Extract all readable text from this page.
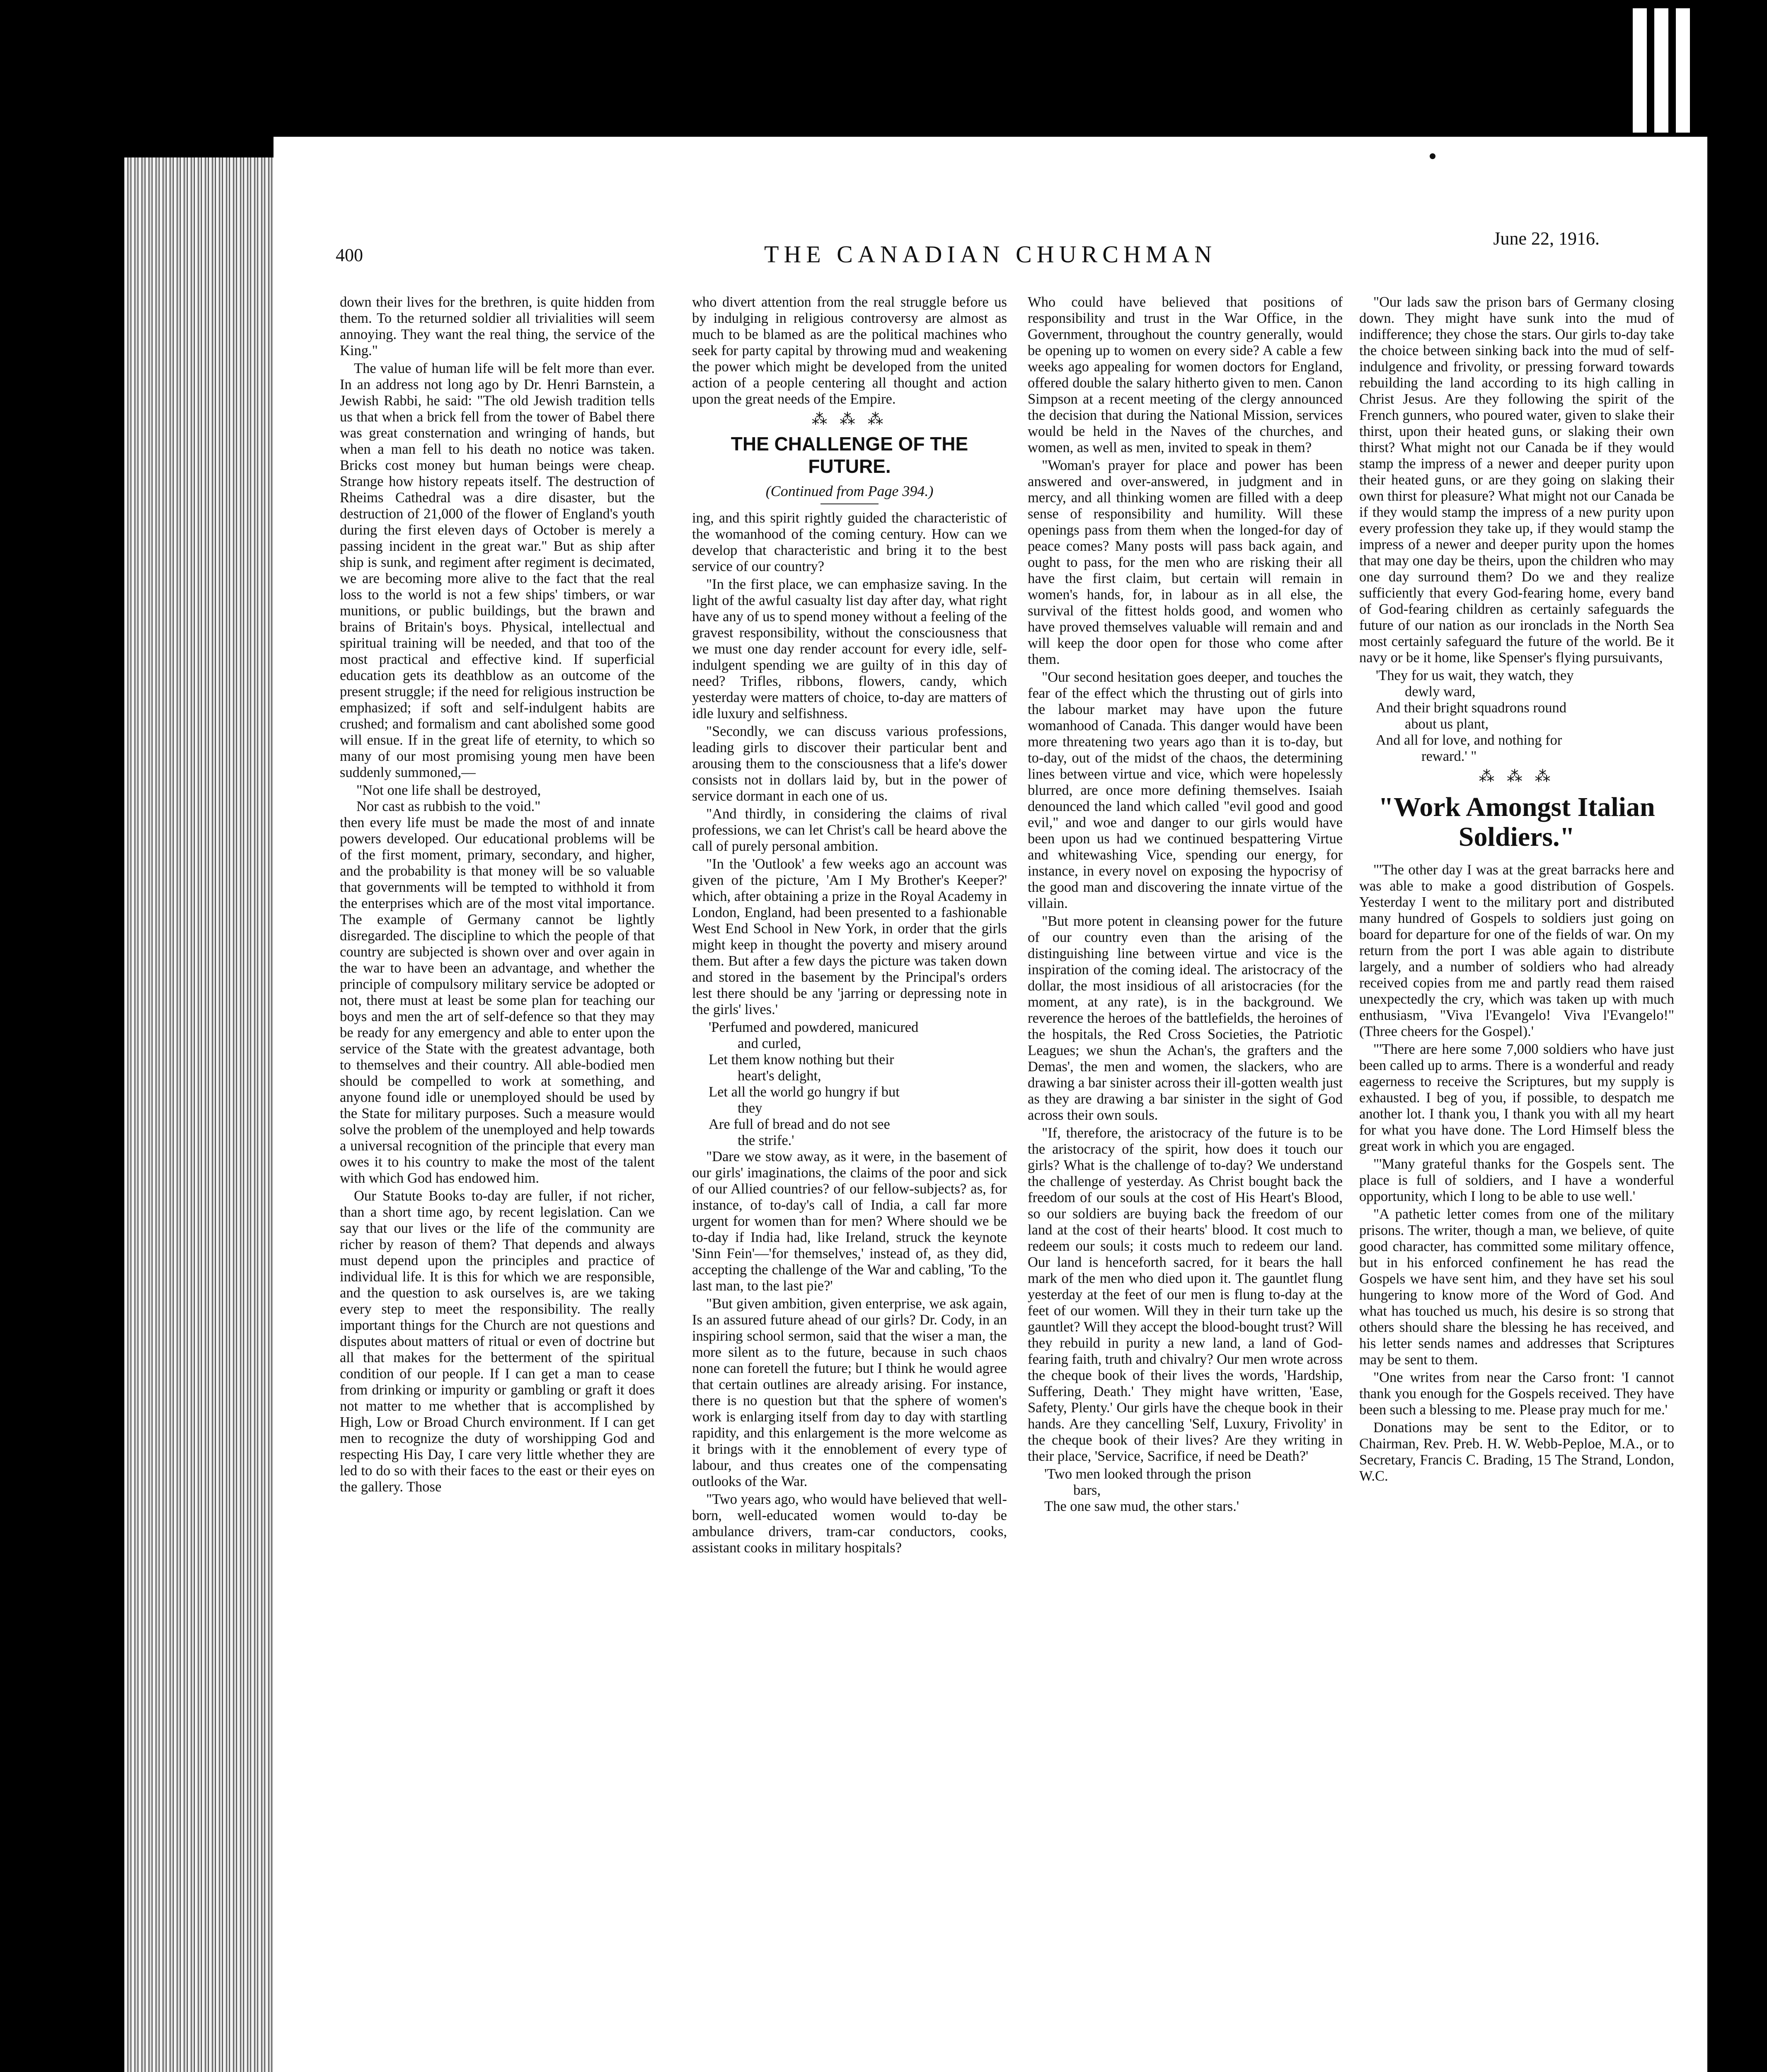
400	THE CANADIAN CHURCHMAN
June 22, 1916.

down their lives for the brethren, is quite hidden from them. To the returned soldier all trivialities will seem annoying. They want the real thing, the service of the King."

The value of human life will be felt more than ever. In an address not long ago by Dr. Henri Barnstein, a Jewish Rabbi, he said: "The old Jewish tradition tells us that when a brick fell from the tower of Babel there was great consternation and wringing of hands, but when a man fell to his death no notice was taken. Bricks cost money but human beings were cheap. Strange how history repeats itself. The destruction of Rheims Cathedral was a dire disaster, but the destruction of 21,000 of the flower of England's youth during the first eleven days of October is merely a passing incident in the great war." But as ship after ship is sunk, and regiment after regiment is decimated, we are becoming more alive to the fact that the real loss to the world is not a few ships' timbers, or war munitions, or public buildings, but the brawn and brains of Britain's boys. Physical, intellectual and spiritual training will be needed, and that too of the most practical and effective kind. If superficial education gets its deathblow as an outcome of the present struggle; if the need for religious instruction be emphasized; if soft and self-indulgent habits are crushed; and formalism and cant abolished some good will ensue. If in the great life of eternity, to which so many of our most promising young men have been suddenly summoned,—

"Not one life shall be destroyed,

Nor cast as rubbish to the void."

then every life must be made the most of and innate powers developed. Our educational problems will be of the first moment, primary, secondary, and higher, and the probability is that money will be so valuable that governments will be tempted to withhold it from the enterprises which are of the most vital importance. The example of Germany cannot be lightly disregarded. The discipline to which the people of that country are subjected is shown over and over again in the war to have been an advantage, and whether the principle of compulsory military service be adopted or not, there must at least be some plan for teaching our boys and men the art of self-defence so that they may be ready for any emergency and able to enter upon the service of the State with the greatest advantage, both to themselves and their country. All able-bodied men should be compelled to work at something, and anyone found idle or unemployed should be used by the State for military purposes. Such a measure would solve the problem of the unemployed and help towards a universal recognition of the principle that every man owes it to his country to make the most of the talent with which God has endowed him.

Our Statute Books to-day are fuller, if not richer, than a short time ago, by recent legislation. Can we say that our lives or the life of the community are richer by reason of them? That depends and always must depend upon the principles and practice of individual life. It is this for which we are responsible, and the question to ask ourselves is, are we taking every step to meet the responsibility. The really important things for the Church are not questions and disputes about matters of ritual or even of doctrine but all that makes for the betterment of the spiritual condition of our people. If I can get a man to cease from drinking or impurity or gambling or graft it does not matter to me whether that is accomplished by High, Low or Broad Church environment. If I can get men to recognize the duty of worshipping God and respecting His Day, I care very little whether they are led to do so with their faces to the east or their eyes on the gallery. Those

who divert attention from the real struggle before us by indulging in religious controversy are almost as much to be blamed as are the political machines who seek for party capital by throwing mud and weakening the power which might be developed from the united action of a people centering all thought and action upon the great needs of the Empire.

⁂ ⁂ ⁂
THE CHALLENGE OF THE FUTURE.
(Continued from Page 394.)

ing, and this spirit rightly guided the characteristic of the womanhood of the coming century. How can we develop that characteristic and bring it to the best service of our country?

"In the first place, we can emphasize saving. In the light of the awful casualty list day after day, what right have any of us to spend money without a feeling of the gravest responsibility, without the consciousness that we must one day render account for every idle, self-indulgent spending we are guilty of in this day of need? Trifles, ribbons, flowers, candy, which yesterday were matters of choice, to-day are matters of idle luxury and selfishness.

"Secondly, we can discuss various professions, leading girls to discover their particular bent and arousing them to the consciousness that a life's dower consists not in dollars laid by, but in the power of service dormant in each one of us.

"And thirdly, in considering the claims of rival professions, we can let Christ's call be heard above the call of purely personal ambition.

"In the 'Outlook' a few weeks ago an account was given of the picture, 'Am I My Brother's Keeper?' which, after obtaining a prize in the Royal Academy in London, England, had been presented to a fashionable West End School in New York, in order that the girls might keep in thought the poverty and misery around them. But after a few days the picture was taken down and stored in the basement by the Principal's orders lest there should be any 'jarring or depressing note in the girls' lives.'

'Perfumed and powdered, manicured

and curled,

Let them know nothing but their

heart's delight,

Let all the world go hungry if but

they

Are full of bread and do not see

the strife.'

"Dare we stow away, as it were, in the basement of our girls' imaginations, the claims of the poor and sick of our Allied countries? of our fellow-subjects? as, for instance, of to-day's call of India, a call far more urgent for women than for men? Where should we be to-day if India had, like Ireland, struck the keynote 'Sinn Fein'—'for themselves,' instead of, as they did, accepting the challenge of the War and cabling, 'To the last man, to the last pie?'

"But given ambition, given enterprise, we ask again, Is an assured future ahead of our girls? Dr. Cody, in an inspiring school sermon, said that the wiser a man, the more silent as to the future, because in such chaos none can foretell the future; but I think he would agree that certain outlines are already arising. For instance, there is no question but that the sphere of women's work is enlarging itself from day to day with startling rapidity, and this enlargement is the more welcome as it brings with it the ennoblement of every type of labour, and thus creates one of the compensating outlooks of the War.

"Two years ago, who would have believed that well-born, well-educated women would to-day be ambulance drivers, tram-car conductors, cooks, assistant cooks in military hospitals?

Who could have believed that positions of responsibility and trust in the War Office, in the Government, throughout the country generally, would be opening up to women on every side? A cable a few weeks ago appealing for women doctors for England, offered double the salary hitherto given to men. Canon Simpson at a recent meeting of the clergy announced the decision that during the National Mission, services would be held in the Naves of the churches, and women, as well as men, invited to speak in them?

"Woman's prayer for place and power has been answered and over-answered, in judgment and in mercy, and all thinking women are filled with a deep sense of responsibility and humility. Will these openings pass from them when the longed-for day of peace comes? Many posts will pass back again, and ought to pass, for the men who are risking their all have the first claim, but certain will remain in women's hands, for, in labour as in all else, the survival of the fittest holds good, and women who have proved themselves valuable will remain and and will keep the door open for those who come after them.

"Our second hesitation goes deeper, and touches the fear of the effect which the thrusting out of girls into the labour market may have upon the future womanhood of Canada. This danger would have been more threatening two years ago than it is to-day, but to-day, out of the midst of the chaos, the determining lines between virtue and vice, which were hopelessly blurred, are once more defining themselves. Isaiah denounced the land which called "evil good and good evil," and woe and danger to our girls would have been upon us had we continued bespattering Virtue and whitewashing Vice, spending our energy, for instance, in every novel on exposing the hypocrisy of the good man and discovering the innate virtue of the villain.

"But more potent in cleansing power for the future of our country even than the arising of the distinguishing line between virtue and vice is the inspiration of the coming ideal. The aristocracy of the dollar, the most insidious of all aristocracies (for the moment, at any rate), is in the background. We reverence the heroes of the battlefields, the heroines of the hospitals, the Red Cross Societies, the Patriotic Leagues; we shun the Achan's, the grafters and the Demas', the men and women, the slackers, who are drawing a bar sinister across their ill-gotten wealth just as they are drawing a bar sinister in the sight of God across their own souls.

"If, therefore, the aristocracy of the future is to be the aristocracy of the spirit, how does it touch our girls? What is the challenge of to-day? We understand the challenge of yesterday. As Christ bought back the freedom of our souls at the cost of His Heart's Blood, so our soldiers are buying back the freedom of our land at the cost of their hearts' blood. It cost much to redeem our souls; it costs much to redeem our land. Our land is henceforth sacred, for it bears the hall mark of the men who died upon it. The gauntlet flung yesterday at the feet of our men is flung to-day at the feet of our women. Will they in their turn take up the gauntlet? Will they accept the blood-bought trust? Will they rebuild in purity a new land, a land of God-fearing faith, truth and chivalry? Our men wrote across the cheque book of their lives the words, 'Hardship, Suffering, Death.' They might have written, 'Ease, Safety, Plenty.' Our girls have the cheque book in their hands. Are they cancelling 'Self, Luxury, Frivolity' in the cheque book of their lives? Are they writing in their place, 'Service, Sacrifice, if need be Death?'

'Two men looked through the prison

bars,

The one saw mud, the other stars.'

"Our lads saw the prison bars of Germany closing down. They might have sunk into the mud of indifference; they chose the stars. Our girls to-day take the choice between sinking back into the mud of self-indulgence and frivolity, or pressing forward towards rebuilding the land according to its high calling in Christ Jesus. Are they following the spirit of the French gunners, who poured water, given to slake their thirst, upon their heated guns, or slaking their own thirst? What might not our Canada be if they would stamp the impress of a newer and deeper purity upon their heated guns, or are they going on slaking their own thirst for pleasure? What might not our Canada be if they would stamp the impress of a new purity upon every profession they take up, if they would stamp the impress of a newer and deeper purity upon the homes that may one day be theirs, upon the children who may one day surround them? Do we and they realize sufficiently that every God-fearing home, every band of God-fearing children as certainly safeguards the future of our nation as our ironclads in the North Sea most certainly safeguard the future of the world. Be it navy or be it home, like Spenser's flying pursuivants,

'They for us wait, they watch, they

dewly ward,

And their bright squadrons round

about us plant,

And all for love, and nothing for

reward.' "

⁂ ⁂ ⁂
"Work Amongst Italian Soldiers."

"'The other day I was at the great barracks here and was able to make a good distribution of Gospels. Yesterday I went to the military port and distributed many hundred of Gospels to soldiers just going on board for departure for one of the fields of war. On my return from the port I was able again to distribute largely, and a number of soldiers who had already received copies from me and partly read them raised unexpectedly the cry, which was taken up with much enthusiasm, "Viva l'Evangelo! Viva l'Evangelo!" (Three cheers for the Gospel).'

"'There are here some 7,000 soldiers who have just been called up to arms. There is a wonderful and ready eagerness to receive the Scriptures, but my supply is exhausted. I beg of you, if possible, to despatch me another lot. I thank you, I thank you with all my heart for what you have done. The Lord Himself bless the great work in which you are engaged.

"'Many grateful thanks for the Gospels sent. The place is full of soldiers, and I have a wonderful opportunity, which I long to be able to use well.'

"A pathetic letter comes from one of the military prisons. The writer, though a man, we believe, of quite good character, has committed some military offence, but in his enforced confinement he has read the Gospels we have sent him, and they have set his soul hungering to know more of the Word of God. And what has touched us much, his desire is so strong that others should share the blessing he has received, and his letter sends names and addresses that Scriptures may be sent to them.

"One writes from near the Carso front: 'I cannot thank you enough for the Gospels received. They have been such a blessing to me. Please pray much for me.'

Donations may be sent to the Editor, or to Chairman, Rev. Preb. H. W. Webb-Peploe, M.A., or to Secretary, Francis C. Brading, 15 The Strand, London, W.C.
